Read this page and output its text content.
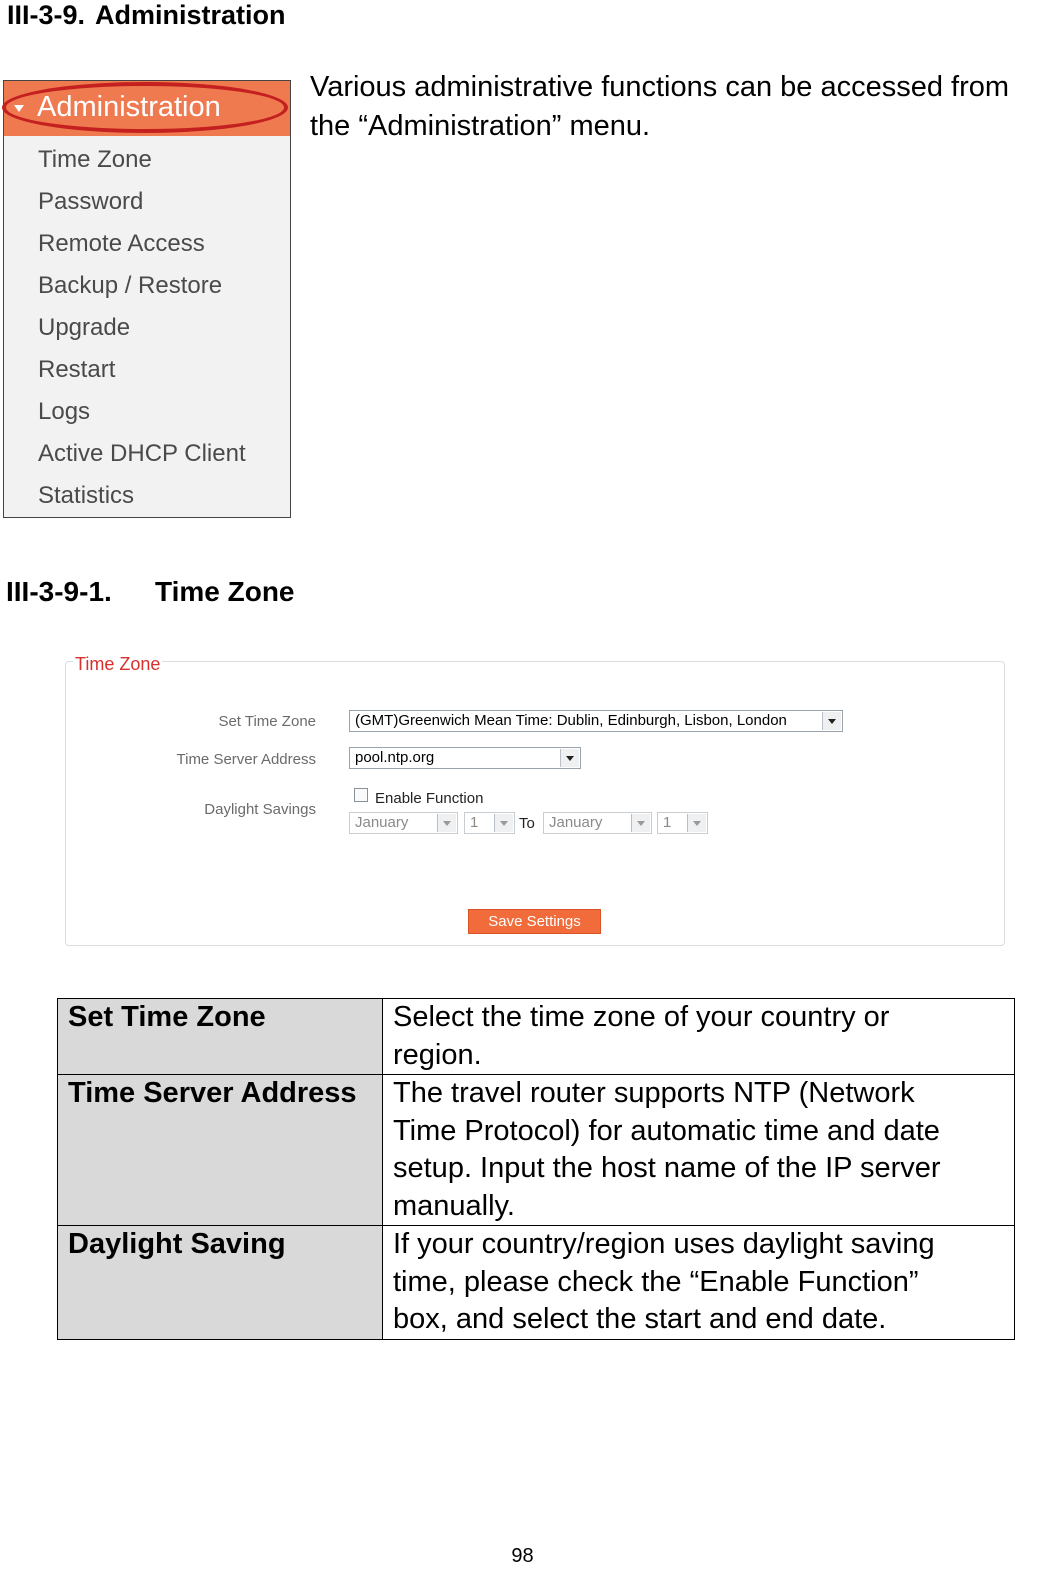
III-3-9. Administration
Various administrative functions can be accessed from
the “Administration” menu.
Administration
Time Zone
Password
Remote Access
Backup / Restore
Upgrade
Restart
Logs
Active DHCP Client
Statistics
III-3-9-1. Time Zone
Time Zone
Set Time Zone	(GMT)Greenwich Mean Time: Dublin, Edinburgh, Lisbon, London
Time Server Address	pool.ntp.org
Daylight Savings
Enable Function
January	1	To January	1
Save Settings
Set Time Zone	Select the time zone of your country or
region.

Time Server Address	The travel router supports NTP (Network
Time Protocol) for automatic time and date
setup. Input the host name of the IP server
manually.

Daylight Saving	If your country/region uses daylight saving
time, please check the “Enable Function”
box, and select the start and end date.
98
